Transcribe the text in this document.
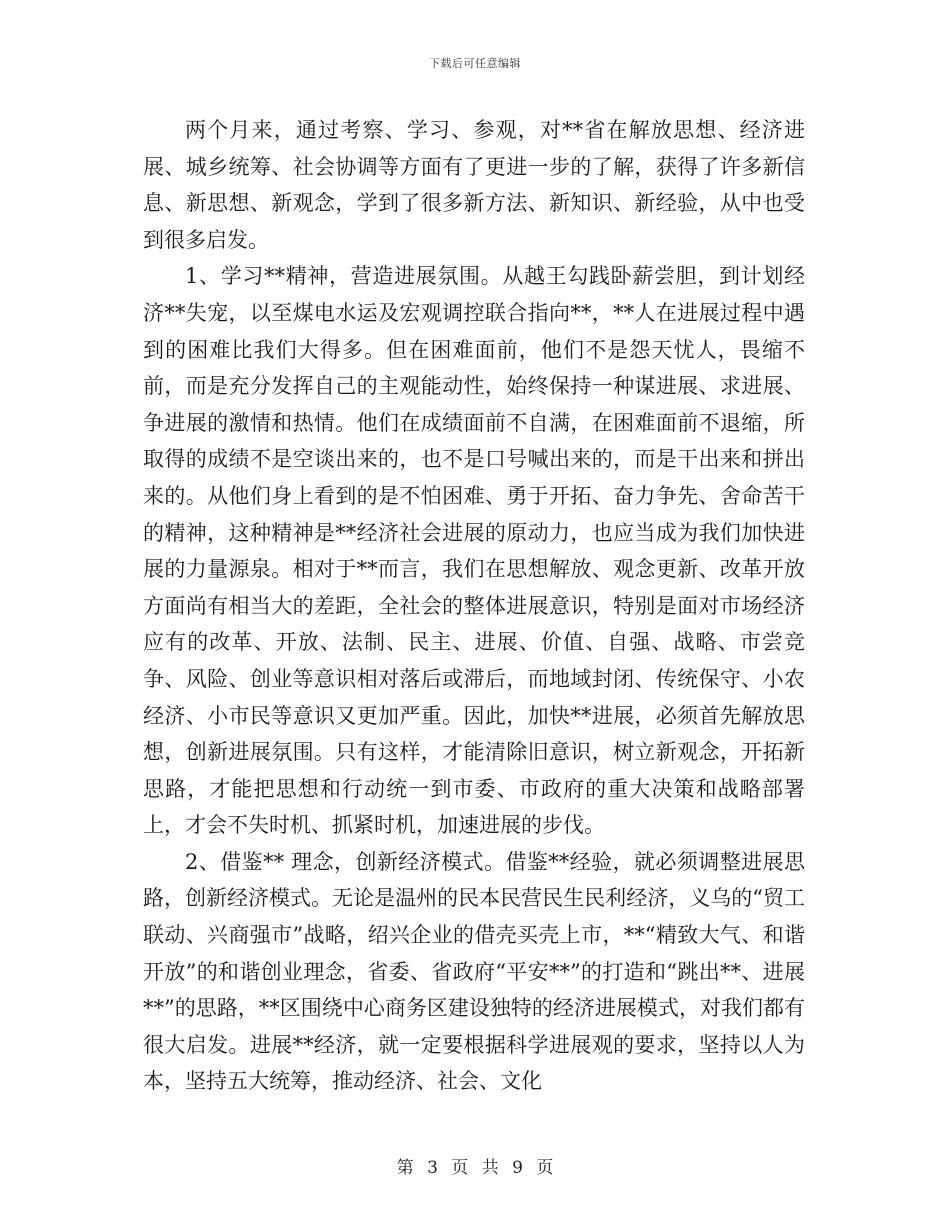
下载后可任意编辑

两个月来，通过考察、学习、参观，对**省在解放思想、经济进展、城乡统筹、社会协调等方面有了更进一步的了解，获得了许多新信息、新思想、新观念，学到了很多新方法、新知识、新经验，从中也受到很多启发。

1、学习**精神，营造进展氛围。从越王勾践卧薪尝胆，到计划经济**失宠，以至煤电水运及宏观调控联合指向**，**人在进展过程中遇到的困难比我们大得多。但在困难面前，他们不是怨天忧人，畏缩不前，而是充分发挥自己的主观能动性，始终保持一种谋进展、求进展、争进展的激情和热情。他们在成绩面前不自满，在困难面前不退缩，所取得的成绩不是空谈出来的，也不是口号喊出来的，而是干出来和拼出来的。从他们身上看到的是不怕困难、勇于开拓、奋力争先、舍命苦干的精神，这种精神是**经济社会进展的原动力，也应当成为我们加快进展的力量源泉。相对于**而言，我们在思想解放、观念更新、改革开放方面尚有相当大的差距，全社会的整体进展意识，特别是面对市场经济应有的改革、开放、法制、民主、进展、价值、自强、战略、市尝竞争、风险、创业等意识相对落后或滞后，而地域封闭、传统保守、小农经济、小市民等意识又更加严重。因此，加快**进展，必须首先解放思想，创新进展氛围。只有这样，才能清除旧意识，树立新观念，开拓新思路，才能把思想和行动统一到市委、市政府的重大决策和战略部署上，才会不失时机、抓紧时机，加速进展的步伐。

2、借鉴** 理念，创新经济模式。借鉴**经验，就必须调整进展思路，创新经济模式。无论是温州的民本民营民生民利经济，义乌的“贸工联动、兴商强市”战略，绍兴企业的借壳买壳上市，**“精致大气、和谐开放”的和谐创业理念，省委、省政府“平安**”的打造和“跳出**、进展**”的思路，**区围绕中心商务区建设独特的经济进展模式，对我们都有很大启发。进展**经济，就一定要根据科学进展观的要求，坚持以人为本，坚持五大统筹，推动经济、社会、文化

第 3 页 共 9 页
